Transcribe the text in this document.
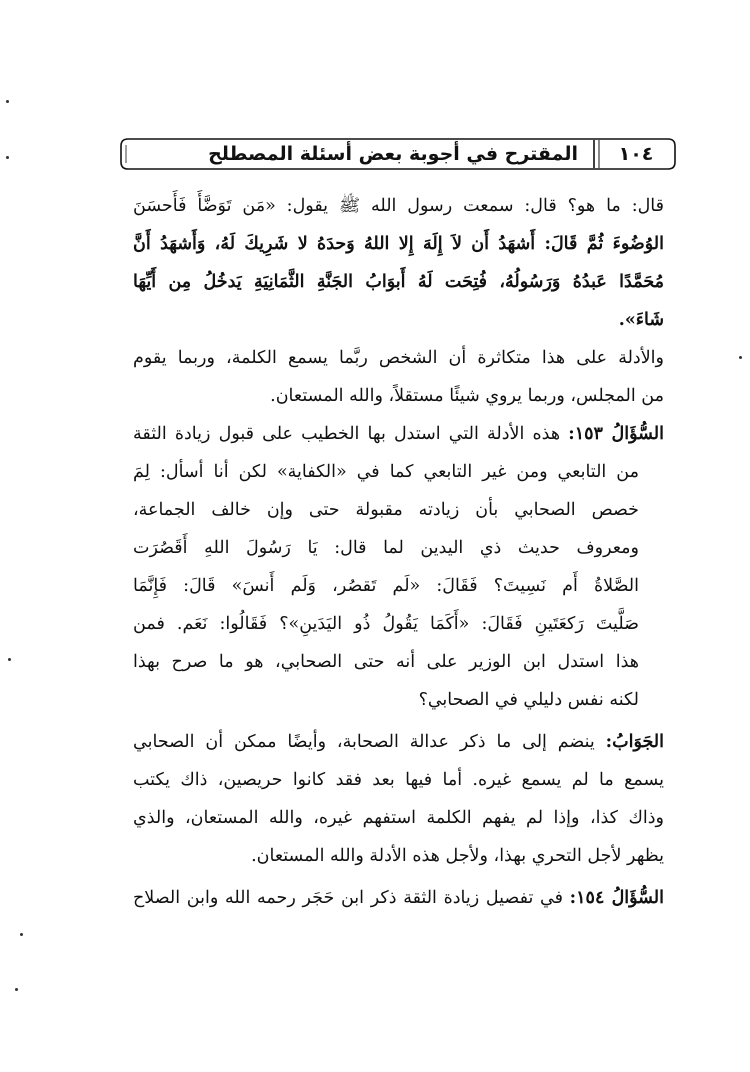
المقترح في أجوبة بعض أسئلة المصطلح	١٠٤
قال: ما هو؟ قال: سمعت رسول الله ﷺ يقول: «مَن تَوَضَّأَ فَأَحسَنَ
الوُضُوءَ ثُمَّ قَالَ: أَشهَدُ أَن لاَ إِلَهَ إِلا اللهُ وَحدَهُ لا شَرِيكَ لَهُ، وَأَشهَدُ أَنَّ
مُحَمَّدًا عَبدُهُ وَرَسُولُهُ، فُتِحَت لَهُ أَبوَابُ الجَنَّةِ الثَّمَانِيَةِ يَدخُلُ مِن أَيِّهَا
شَاءَ».
والأدلة على هذا متكاثرة أن الشخص ربَّما يسمع الكلمة، وربما يقوم
من المجلس، وربما يروي شيئًا مستقلاً، والله المستعان.
السُّؤَالُ ١٥٣: هذه الأدلة التي استدل بها الخطيب على قبول زيادة الثقة
من التابعي ومن غير التابعي كما في «الكفاية» لكن أنا أسأل: لِمَ
خصص الصحابي بأن زيادته مقبولة حتى وإن خالف الجماعة،
ومعروف حديث ذي اليدين لما قال: يَا رَسُولَ اللهِ أَقَصُرَت
الصَّلاةُ أَم نَسِيتَ؟ فَقَالَ: «لَم تَقصُر، وَلَم أَنسَ» قَالَ: فَإِنَّمَا
صَلَّيتَ رَكعَتَينِ فَقَالَ: «أَكَمَا يَقُولُ ذُو اليَدَينِ»؟ فَقَالُوا: نَعَم. فمن
هذا استدل ابن الوزير على أنه حتى الصحابي، هو ما صرح بهذا
لكنه نفس دليلي في الصحابي؟
الجَوَابُ: ينضم إلى ما ذكر عدالة الصحابة، وأيضًا ممكن أن الصحابي
يسمع ما لم يسمع غيره. أما فيها بعد فقد كانوا حريصين، ذاك يكتب
وذاك كذا، وإذا لم يفهم الكلمة استفهم غيره، والله المستعان، والذي
يظهر لأجل التحري بهذا، ولأجل هذه الأدلة والله المستعان.
السُّؤَالُ ١٥٤: في تفصيل زيادة الثقة ذكر ابن حَجَر رحمه الله وابن الصلاح
